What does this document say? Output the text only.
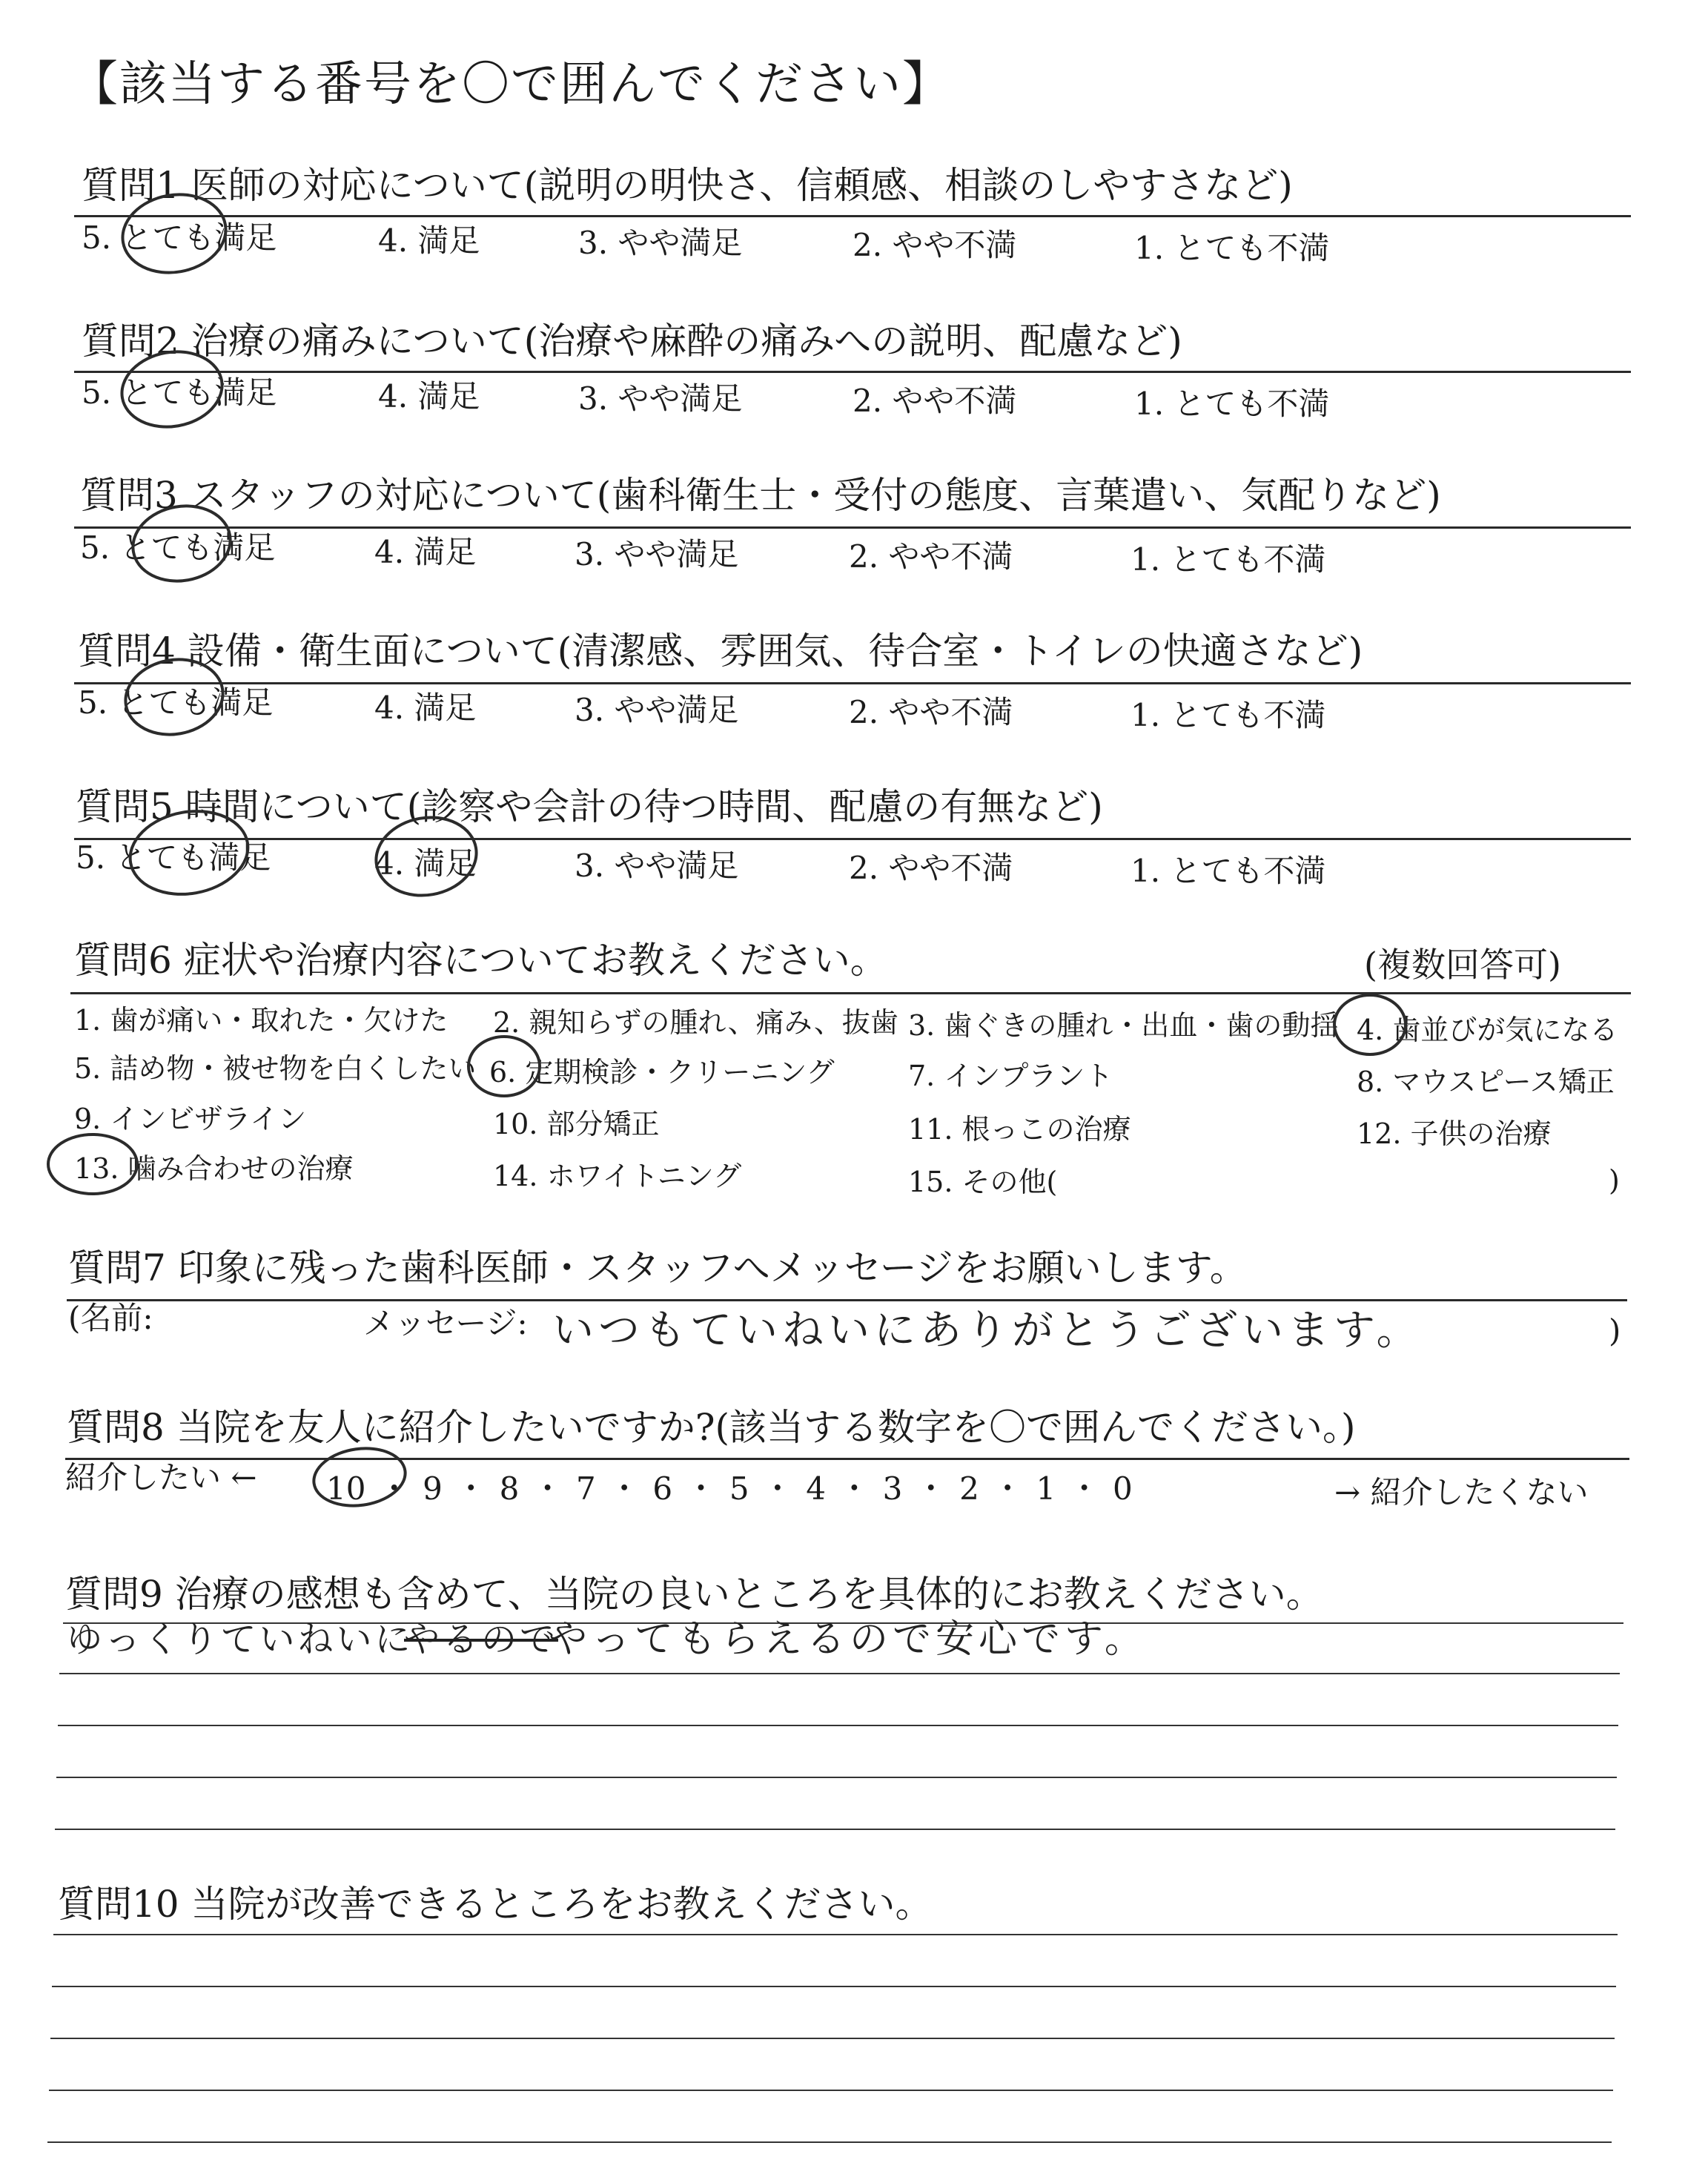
【該当する番号を〇で囲んでください】
質問1 医師の対応について(説明の明快さ、信頼感、相談のしやすさなど)
5. とても満足	4. 満足	3. やや満足	2. やや不満	1. とても不満
質問2 治療の痛みについて(治療や麻酔の痛みへの説明、配慮など)
5. とても満足	4. 満足	3. やや満足	2. やや不満	1. とても不満
質問3 スタッフの対応について(歯科衛生士・受付の態度、言葉遣い、気配りなど)
5. とても満足	4. 満足	3. やや満足	2. やや不満	1. とても不満
質問4 設備・衛生面について(清潔感、雰囲気、待合室・トイレの快適さなど)
5. とても満足	4. 満足	3. やや満足	2. やや不満	1. とても不満
質問5 時間について(診察や会計の待つ時間、配慮の有無など)
5. とても満足	4. 満足	3. やや満足	2. やや不満	1. とても不満
質問6 症状や治療内容についてお教えください。	(複数回答可)
1. 歯が痛い・取れた・欠けた 2. 親知らずの腫れ、痛み、抜歯 3. 歯ぐきの腫れ・出血・歯の動揺 4. 歯並びが気になる
5. 詰め物・被せ物を白くしたい 6. 定期検診・クリーニング	7. インプラント	8. マウスピース矯正
9. インビザライン	10. 部分矯正	11. 根っこの治療	12. 子供の治療
13. 噛み合わせの治療	14. ホワイトニング	15. その他(	)
質問7 印象に残った歯科医師・スタッフへメッセージをお願いします。
(名前:	メッセージ: いつもていねいにありがとうございます。	)
質問8 当院を友人に紹介したいですか?(該当する数字を〇で囲んでください。)
紹介したい ← 10 ・ 9 ・ 8 ・ 7 ・ 6 ・ 5 ・ 4 ・ 3 ・ 2 ・ 1 ・ 0	→ 紹介したくない
質問9 治療の感想も含めて、当院の良いところを具体的にお教えください。
ゆっくりていねいに
やるので
やってもらえるので安心です。
質問10 当院が改善できるところをお教えください。
